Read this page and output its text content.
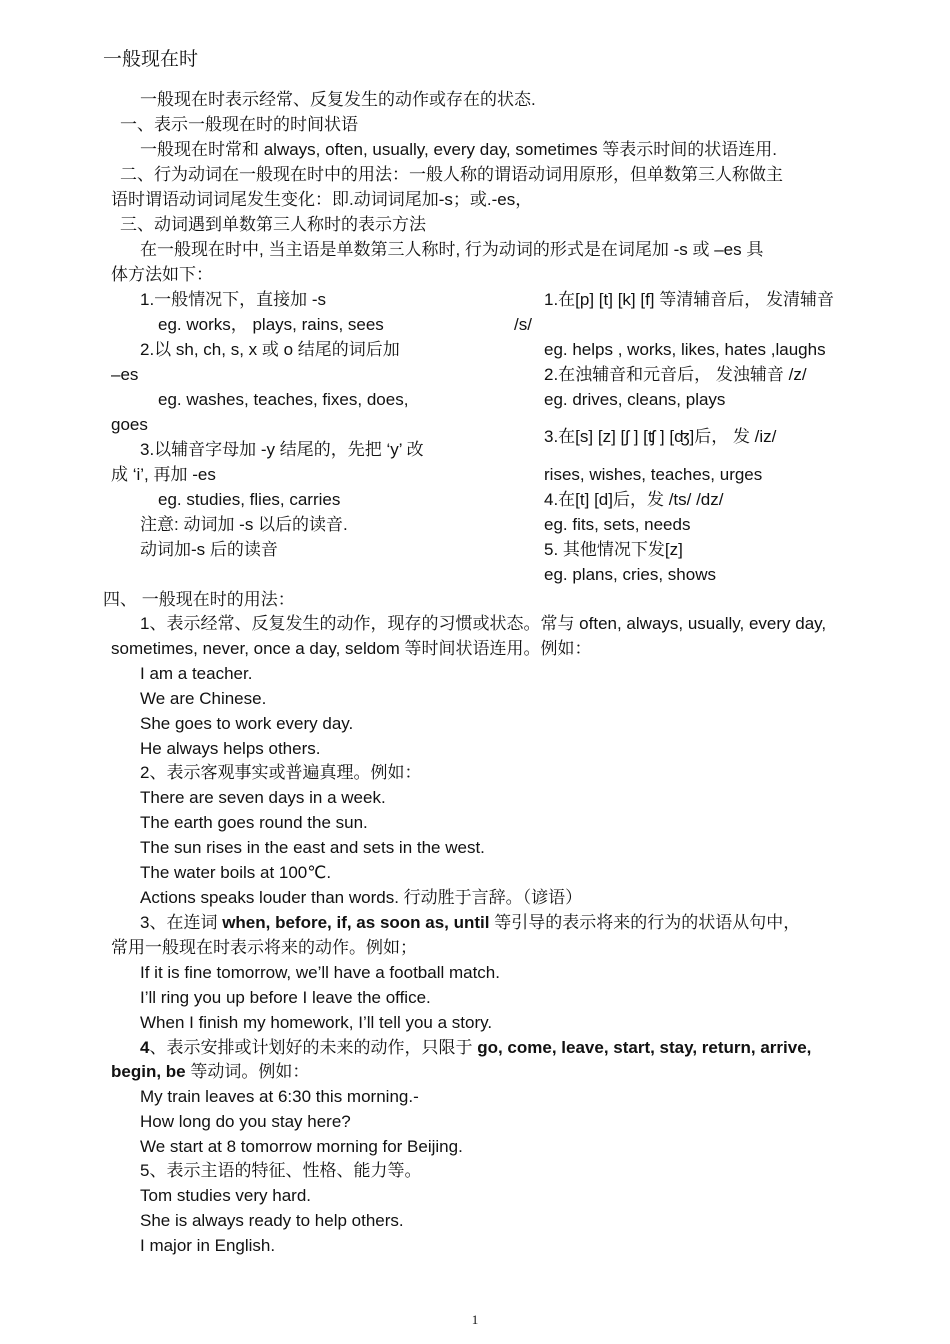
一般现在时
一般现在时表示经常、反复发生的动作或存在的状态.
一、表示一般现在时的时间状语
一般现在时常和 always, often, usually, every day, sometimes 等表示时间的状语连用.
二、行为动词在一般现在时中的用法：一般人称的谓语动词用原形，但单数第三人称做主
语时谓语动词词尾发生变化：即.动词词尾加-s；或.-es，
三、动词遇到单数第三人称时的表示方法
在一般现在时中, 当主语是单数第三人称时, 行为动词的形式是在词尾加 -s 或 –es 具
体方法如下：
1.一般情况下，直接加 -s
eg. works， plays, rains, sees
2.以 sh, ch, s, x 或 o 结尾的词后加
–es
eg. washes, teaches, fixes, does,
goes
3.以辅音字母加 -y 结尾的，先把 ‘y’ 改
成 ‘i’, 再加 -es
eg. studies, flies, carries
注意: 动词加 -s 以后的读音.
动词加-s 后的读音
1.在[p] [t] [k] [f] 等清辅音后， 发清辅音
/s/
eg. helps , works, likes, hates ,laughs
2.在浊辅音和元音后， 发浊辅音 /z/
eg. drives, cleans, plays
3.在[s] [z] [ʃ ] [ʧ ] [ʤ]后， 发 /iz/
rises, wishes, teaches, urges
4.在[t] [d]后，发 /ts/ /dz/
eg. fits, sets, needs
5. 其他情况下发[z]
eg. plans, cries, shows
四、 一般现在时的用法：
1、表示经常、反复发生的动作，现存的习惯或状态。常与 often, always, usually, every day,
sometimes, never, once a day, seldom 等时间状语连用。例如：
I am a teacher.
We are Chinese.
She goes to work every day.
He always helps others.
2、表示客观事实或普遍真理。例如：
There are seven days in a week.
The earth goes round the sun.
The sun rises in the east and sets in the west.
The water boils at 100℃.
Actions speaks louder than words. 行动胜于言辞。（谚语）
3、在连词 when, before, if, as soon as, until 等引导的表示将来的行为的状语从句中，
常用一般现在时表示将来的动作。例如；
If it is fine tomorrow, we’ll have a football match.
I’ll ring you up before I leave the office.
When I finish my homework, I’ll tell you a story.
4、表示安排或计划好的未来的动作，只限于 go, come, leave, start, stay, return, arrive,
begin, be 等动词。例如：
My train leaves at 6:30 this morning.-
How long do you stay here?
We start at 8 tomorrow morning for Beijing.
5、表示主语的特征、性格、能力等。
Tom studies very hard.
She is always ready to help others.
I major in English.
1
